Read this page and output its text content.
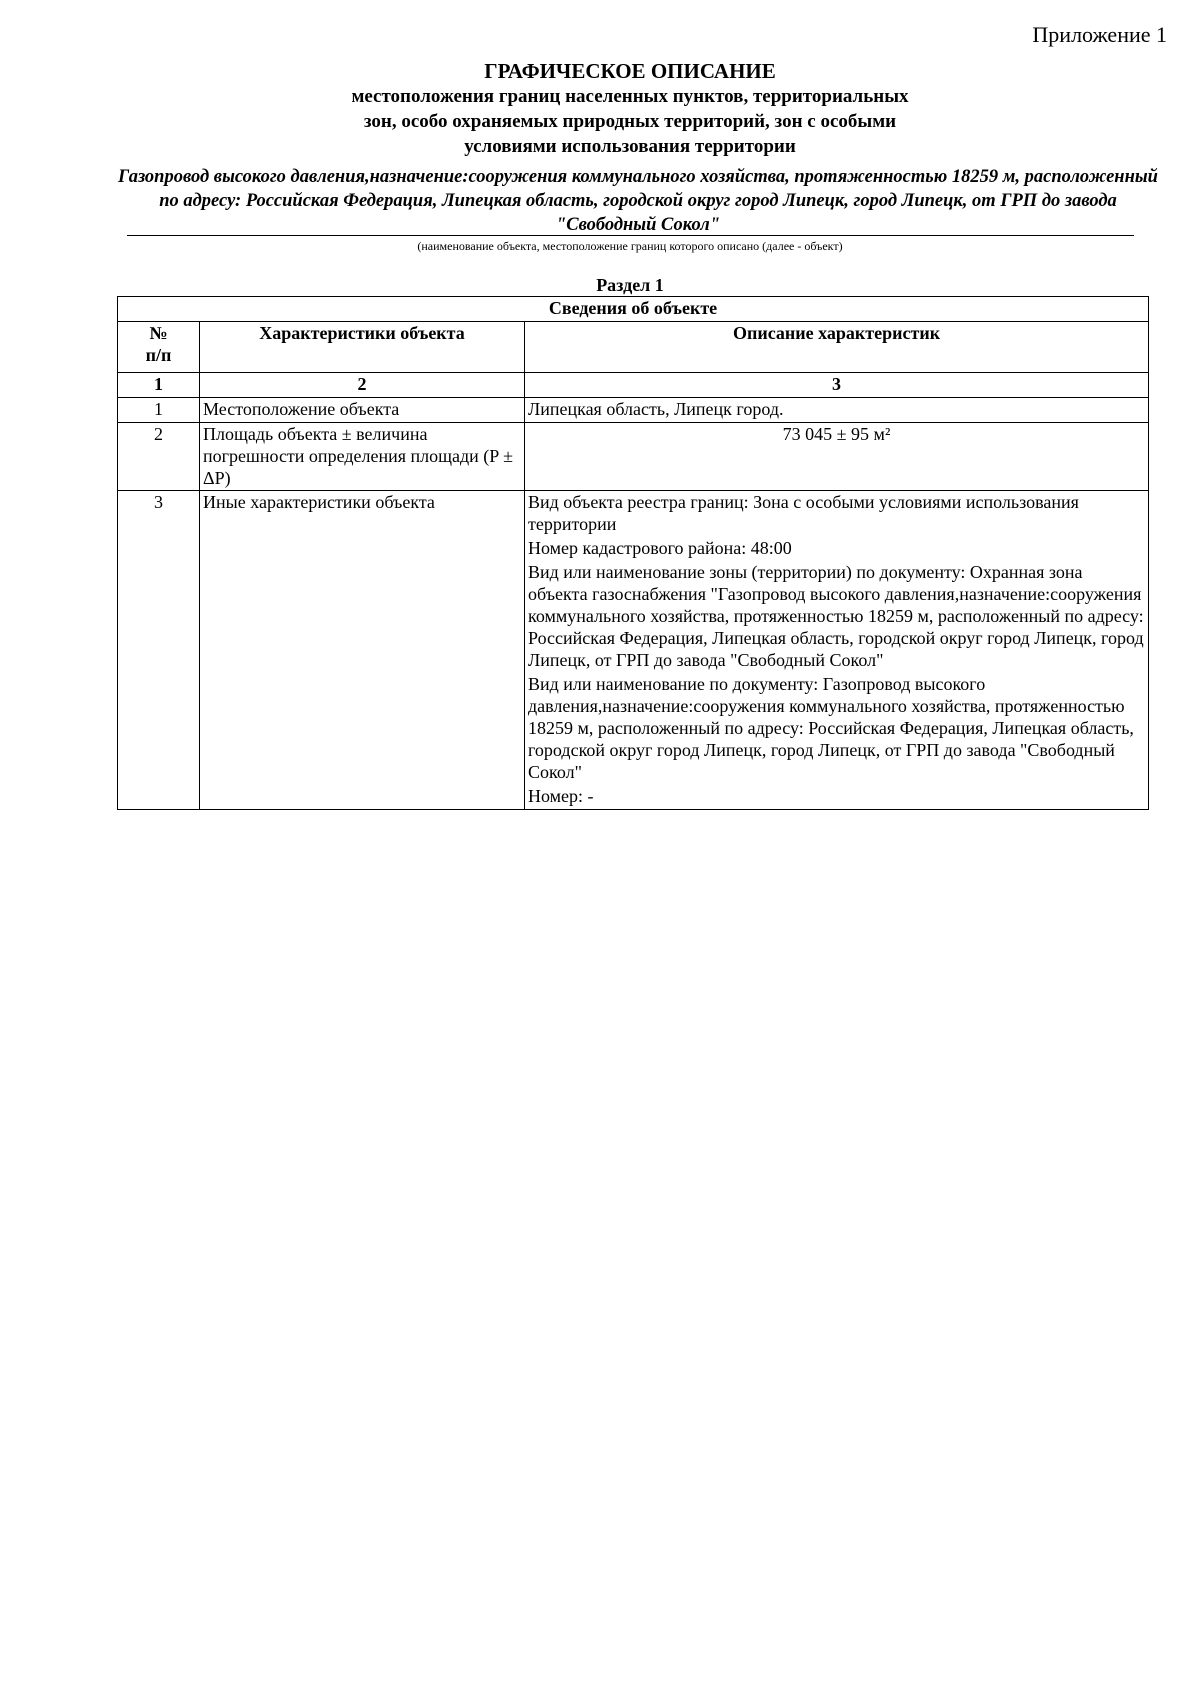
Приложение 1
ГРАФИЧЕСКОЕ ОПИСАНИЕ
местоположения границ населенных пунктов, территориальных
зон, особо охраняемых природных территорий, зон с особыми
условиями использования территории
Газопровод высокого давления,назначение:сооружения коммунального хозяйства, протяженностью 18259 м, расположенный по адресу: Российская Федерация, Липецкая область, городской округ город Липецк, город Липецк, от ГРП до завода "Свободный Сокол"
(наименование объекта, местоположение границ которого описано (далее - объект)
Раздел 1
Сведения об объекте		
№
п/п	Характеристики объекта	Описание характеристик
1	2	3
1	Местоположение объекта	Липецкая область, Липецк город.

2	Площадь объекта ± величина погрешности определения площади (P ± ΔP)	73 045 ± 95 м²

3	Иные характеристики объекта	Вид объекта реестра границ: Зона с особыми условиями использования территории
Номер кадастрового района: 48:00
Вид или наименование зоны (территории) по документу: Охранная зона объекта газоснабжения "Газопровод высокого давления,назначение:сооружения коммунального хозяйства, протяженностью 18259 м, расположенный по адресу: Российская Федерация, Липецкая область, городской округ город Липецк, город Липецк, от ГРП до завода "Свободный Сокол"
Вид или наименование по документу: Газопровод высокого давления,назначение:сооружения коммунального хозяйства, протяженностью 18259 м, расположенный по адресу: Российская Федерация, Липецкая область, городской округ город Липецк, город Липецк, от ГРП до завода "Свободный Сокол"
Номер: -
